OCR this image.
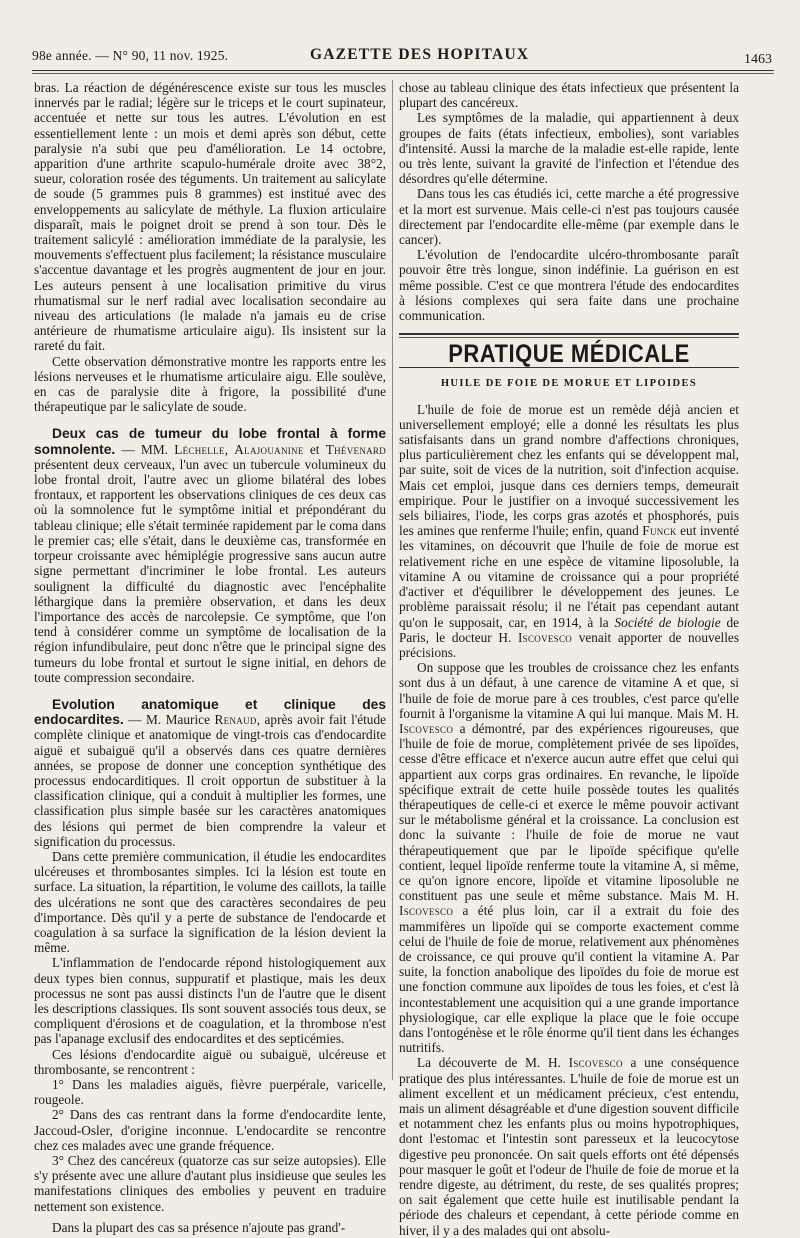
98e année. — N° 90, 11 nov. 1925.	GAZETTE DES HOPITAUX	1463

bras. La réaction de dégénérescence existe sur tous les muscles innervés par le radial; légère sur le triceps et le court supinateur, accentuée et nette sur tous les autres. L'évolution en est essentiellement lente : un mois et demi après son début, cette paralysie n'a subi que peu d'amélioration. Le 14 octobre, apparition d'une arthrite scapulo-humérale droite avec 38°2, sueur, coloration rosée des téguments. Un traitement au salicylate de soude (5 grammes puis 8 grammes) est institué avec des enveloppements au salicylate de méthyle. La fluxion articulaire disparaît, mais le poignet droit se prend à son tour. Dès le traitement salicylé : amélioration immédiate de la paralysie, les mouvements s'effectuent plus facilement; la résistance musculaire s'accentue davantage et les progrès augmentent de jour en jour. Les auteurs pensent à une localisation primitive du virus rhumatismal sur le nerf radial avec localisation secondaire au niveau des articulations (le malade n'a jamais eu de crise antérieure de rhumatisme articulaire aigu). Ils insistent sur la rareté du fait.

Cette observation démonstrative montre les rapports entre les lésions nerveuses et le rhumatisme articulaire aigu. Elle soulève, en cas de paralysie dite à frigore, la possibilité d'une thérapeutique par le salicylate de soude.

Deux cas de tumeur du lobe frontal à forme somnolente. — MM. Léchelle, Alajouanine et Thévenard présentent deux cerveaux, l'un avec un tubercule volumineux du lobe frontal droit, l'autre avec un gliome bilatéral des lobes frontaux, et rapportent les observations cliniques de ces deux cas où la somnolence fut le symptôme initial et prépondérant du tableau clinique; elle s'était terminée rapidement par le coma dans le premier cas; elle s'était, dans le deuxième cas, transformée en torpeur croissante avec hémiplégie progressive sans aucun autre signe permettant d'incriminer le lobe frontal. Les auteurs soulignent la difficulté du diagnostic avec l'encéphalite léthargique dans la première observation, et dans les deux l'importance des accès de narcolepsie. Ce symptôme, que l'on tend à considérer comme un symptôme de localisation de la région infundibulaire, peut donc n'être que le principal signe des tumeurs du lobe frontal et surtout le signe initial, en dehors de toute compression secondaire.

Evolution anatomique et clinique des endocardites. — M. Maurice Renaud, après avoir fait l'étude complète clinique et anatomique de vingt-trois cas d'endocardite aiguë et subaiguë qu'il a observés dans ces quatre dernières années, se propose de donner une conception synthétique des processus endocarditiques. Il croit opportun de substituer à la classification clinique, qui a conduit à multiplier les formes, une classification plus simple basée sur les caractères anatomiques des lésions qui permet de bien comprendre la valeur et signification du processus.

Dans cette première communication, il étudie les endocardites ulcéreuses et thrombosantes simples. Ici la lésion est toute en surface. La situation, la répartition, le volume des caillots, la taille des ulcérations ne sont que des caractères secondaires de peu d'importance. Dès qu'il y a perte de substance de l'endocarde et coagulation à sa surface la signification de la lésion devient la même.

L'inflammation de l'endocarde répond histologiquement aux deux types bien connus, suppuratif et plastique, mais les deux processus ne sont pas aussi distincts l'un de l'autre que le disent les descriptions classiques. Ils sont souvent associés tous deux, se compliquent d'érosions et de coagulation, et la thrombose n'est pas l'apanage exclusif des endocardites et des septicémies.

Ces lésions d'endocardite aiguë ou subaiguë, ulcéreuse et thrombosante, se rencontrent :

1° Dans les maladies aiguës, fièvre puerpérale, varicelle, rougeole.

2° Dans des cas rentrant dans la forme d'endocardite lente, Jaccoud-Osler, d'origine inconnue. L'endocardite se rencontre chez ces malades avec une grande fréquence.

3° Chez des cancéreux (quatorze cas sur seize autopsies). Elle s'y présente avec une allure d'autant plus insidieuse que seules les manifestations cliniques des embolies y peuvent en traduire nettement son existence.

Dans la plupart des cas sa présence n'ajoute pas grand'-

chose au tableau clinique des états infectieux que présentent la plupart des cancéreux.

Les symptômes de la maladie, qui appartiennent à deux groupes de faits (états infectieux, embolies), sont variables d'intensité. Aussi la marche de la maladie est-elle rapide, lente ou très lente, suivant la gravité de l'infection et l'étendue des désordres qu'elle détermine.

Dans tous les cas étudiés ici, cette marche a été progressive et la mort est survenue. Mais celle-ci n'est pas toujours causée directement par l'endocardite elle-même (par exemple dans le cancer).

L'évolution de l'endocardite ulcéro-thrombosante paraît pouvoir être très longue, sinon indéfinie. La guérison en est même possible. C'est ce que montrera l'étude des endocardites à lésions complexes qui sera faite dans une prochaine communication.

PRATIQUE MÉDICALE
HUILE DE FOIE DE MORUE ET LIPOIDES

L'huile de foie de morue est un remède déjà ancien et universellement employé; elle a donné les résultats les plus satisfaisants dans un grand nombre d'affections chroniques, plus particulièrement chez les enfants qui se développent mal, par suite, soit de vices de la nutrition, soit d'infection acquise. Mais cet emploi, jusque dans ces derniers temps, demeurait empirique. Pour le justifier on a invoqué successivement les sels biliaires, l'iode, les corps gras azotés et phosphorés, puis les amines que renferme l'huile; enfin, quand Funck eut inventé les vitamines, on découvrit que l'huile de foie de morue est relativement riche en une espèce de vitamine liposoluble, la vitamine A ou vitamine de croissance qui a pour propriété d'activer et d'équilibrer le développement des jeunes. Le problème paraissait résolu; il ne l'était pas cependant autant qu'on le supposait, car, en 1914, à la Société de biologie de Paris, le docteur H. Iscovesco venait apporter de nouvelles précisions.

On suppose que les troubles de croissance chez les enfants sont dus à un défaut, à une carence de vitamine A et que, si l'huile de foie de morue pare à ces troubles, c'est parce qu'elle fournit à l'organisme la vitamine A qui lui manque. Mais M. H. Iscovesco a démontré, par des expériences rigoureuses, que l'huile de foie de morue, complètement privée de ses lipoïdes, cesse d'être efficace et n'exerce aucun autre effet que celui qui appartient aux corps gras ordinaires. En revanche, le lipoïde spécifique extrait de cette huile possède toutes les qualités thérapeutiques de celle-ci et exerce le même pouvoir activant sur le métabolisme général et la croissance. La conclusion est donc la suivante : l'huile de foie de morue ne vaut thérapeutiquement que par le lipoïde spécifique qu'elle contient, lequel lipoïde renferme toute la vitamine A, si même, ce qu'on ignore encore, lipoïde et vitamine liposoluble ne constituent pas une seule et même substance. Mais M. H. Iscovesco a été plus loin, car il a extrait du foie des mammifères un lipoïde qui se comporte exactement comme celui de l'huile de foie de morue, relativement aux phénomènes de croissance, ce qui prouve qu'il contient la vitamine A. Par suite, la fonction anabolique des lipoïdes du foie de morue est une fonction commune aux lipoïdes de tous les foies, et c'est là incontestablement une acquisition qui a une grande importance physiologique, car elle explique la place que le foie occupe dans l'ontogénèse et le rôle énorme qu'il tient dans les échanges nutritifs.

La découverte de M. H. Iscovesco a une conséquence pratique des plus intéressantes. L'huile de foie de morue est un aliment excellent et un médicament précieux, c'est entendu, mais un aliment désagréable et d'une digestion souvent difficile et notamment chez les enfants plus ou moins hypotrophiques, dont l'estomac et l'intestin sont paresseux et la leucocytose digestive peu prononcée. On sait quels efforts ont été dépensés pour masquer le goût et l'odeur de l'huile de foie de morue et la rendre digeste, au détriment, du reste, de ses qualités propres; on sait également que cette huile est inutilisable pendant la période des chaleurs et cependant, à cette période comme en hiver, il y a des malades qui ont absolu-
